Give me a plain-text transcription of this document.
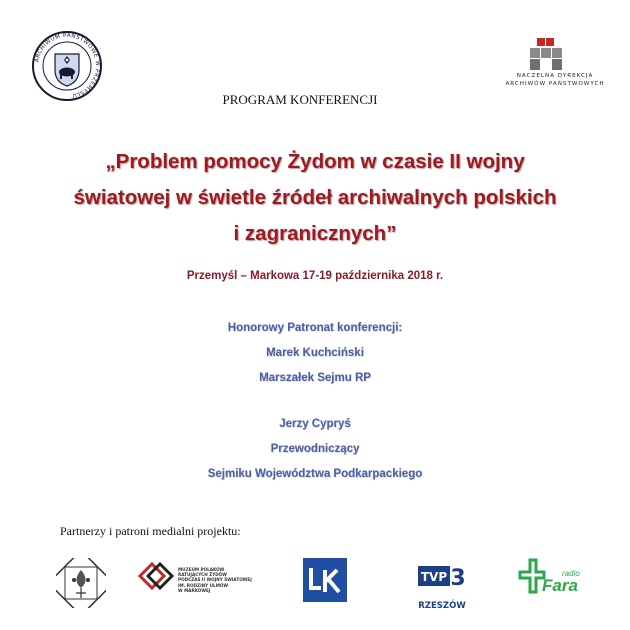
ARCHIWUM PAŃSTWOWE W PRZEMYŚLU
NACZELNA DYREKCJA
ARCHIWÓW PAŃSTWOWYCH
PROGRAM KONFERENCJI
„Problem pomocy Żydom w czasie II wojny
światowej w świetle źródeł archiwalnych polskich
i zagranicznych”
Przemyśl – Markowa 17-19 października 2018 r.
Honorowy Patronat konferencji:
Marek Kuchciński
Marszałek Sejmu RP
Jerzy Cypryś
Przewodniczący
Sejmiku Województwa Podkarpackiego
Partnerzy i patroni medialni projektu:
MUZEUM POLAKÓW
RATUJĄCYCH ŻYDÓW
PODCZAS II WOJNY ŚWIATOWEJ
IM. RODZINY ULMÓW
W MARKOWEJ
TVP 3
RZESZÓW
radio
Fara
